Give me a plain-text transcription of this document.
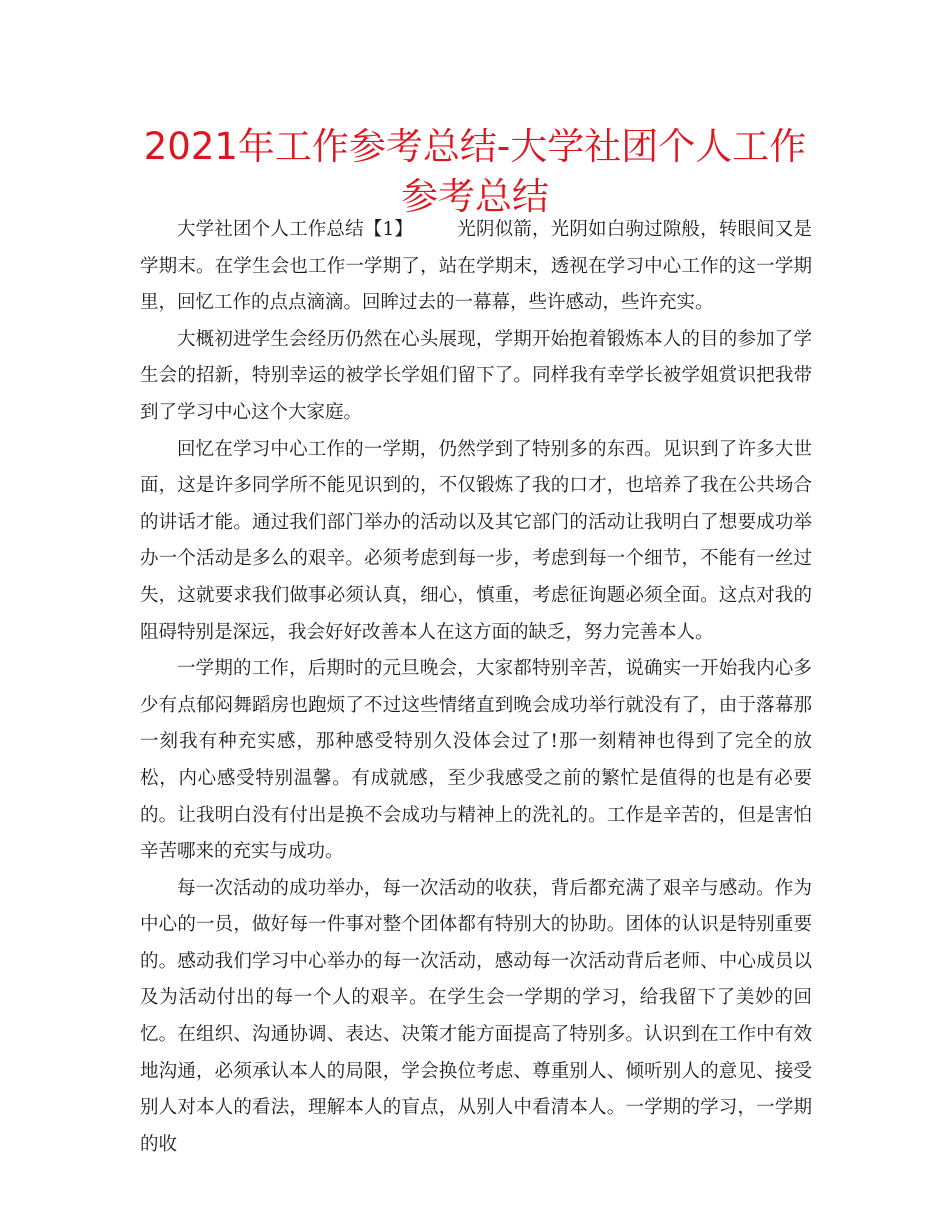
2021年工作参考总结-大学社团个人工作参考总结

大学社团个人工作总结【1】 光阴似箭，光阴如白驹过隙般，转眼间又是学期末。在学生会也工作一学期了，站在学期末，透视在学习中心工作的这一学期里，回忆工作的点点滴滴。回眸过去的一幕幕，些许感动，些许充实。

大概初进学生会经历仍然在心头展现，学期开始抱着锻炼本人的目的参加了学生会的招新，特别幸运的被学长学姐们留下了。同样我有幸学长被学姐赏识把我带到了学习中心这个大家庭。

回忆在学习中心工作的一学期，仍然学到了特别多的东西。见识到了许多大世面，这是许多同学所不能见识到的，不仅锻炼了我的口才，也培养了我在公共场合的讲话才能。通过我们部门举办的活动以及其它部门的活动让我明白了想要成功举办一个活动是多么的艰辛。必须考虑到每一步，考虑到每一个细节，不能有一丝过失，这就要求我们做事必须认真，细心，慎重，考虑征询题必须全面。这点对我的阻碍特别是深远，我会好好改善本人在这方面的缺乏，努力完善本人。

一学期的工作，后期时的元旦晚会，大家都特别辛苦，说确实一开始我内心多少有点郁闷舞蹈房也跑烦了不过这些情绪直到晚会成功举行就没有了，由于落幕那一刻我有种充实感，那种感受特别久没体会过了!那一刻精神也得到了完全的放松，内心感受特别温馨。有成就感，至少我感受之前的繁忙是值得的也是有必要的。让我明白没有付出是换不会成功与精神上的洗礼的。工作是辛苦的，但是害怕辛苦哪来的充实与成功。

每一次活动的成功举办，每一次活动的收获，背后都充满了艰辛与感动。作为中心的一员，做好每一件事对整个团体都有特别大的协助。团体的认识是特别重要的。感动我们学习中心举办的每一次活动，感动每一次活动背后老师、中心成员以及为活动付出的每一个人的艰辛。在学生会一学期的学习，给我留下了美妙的回忆。在组织、沟通协调、表达、决策才能方面提高了特别多。认识到在工作中有效地沟通，必须承认本人的局限，学会换位考虑、尊重别人、倾听别人的意见、接受别人对本人的看法，理解本人的盲点，从别人中看清本人。一学期的学习，一学期的收
